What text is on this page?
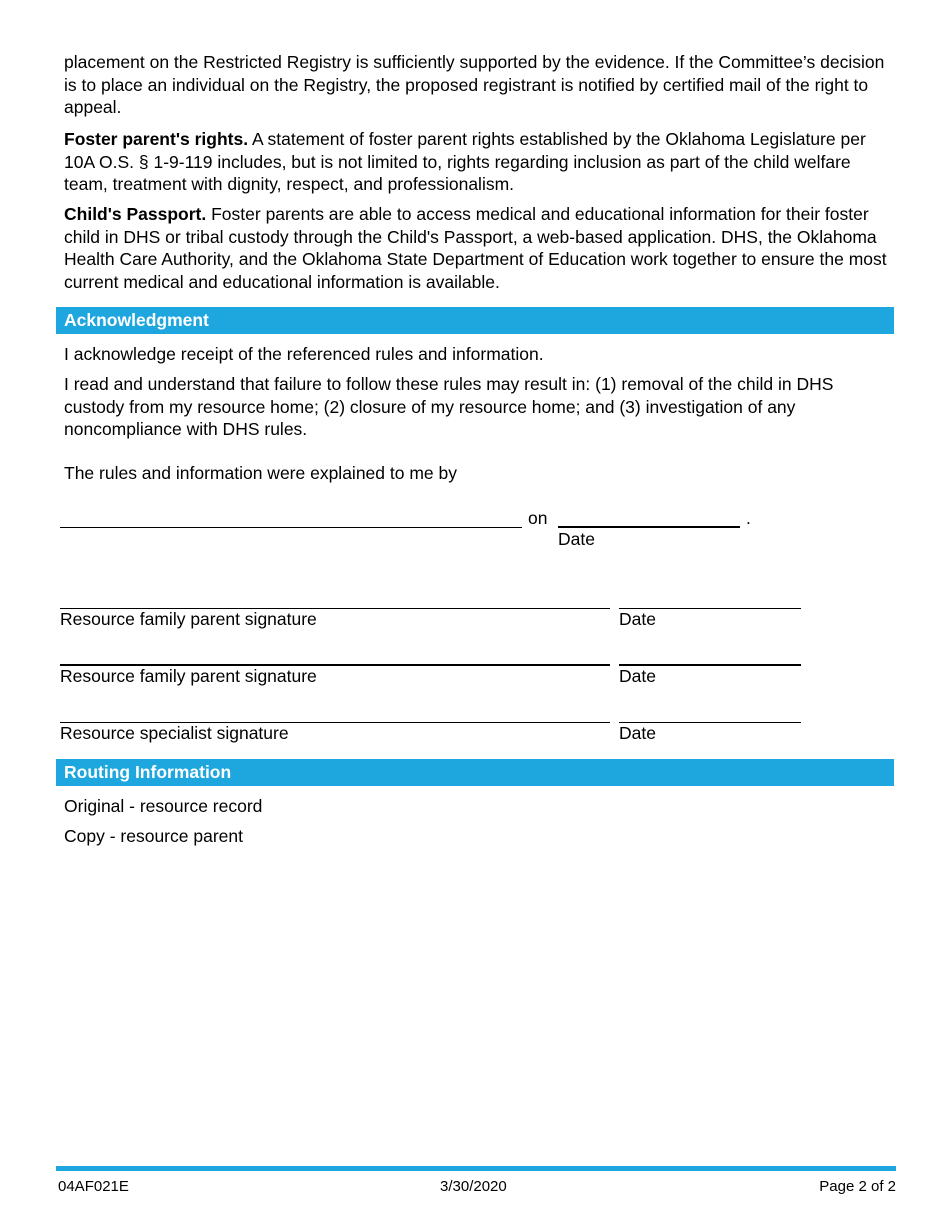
placement on the Restricted Registry is sufficiently supported by the evidence. If the Committee’s decision is to place an individual on the Registry, the proposed registrant is notified by certified mail of the right to appeal.

Foster parent's rights. A statement of foster parent rights established by the Oklahoma Legislature per 10A O.S. § 1-9-119 includes, but is not limited to, rights regarding inclusion as part of the child welfare team, treatment with dignity, respect, and professionalism.

Child's Passport. Foster parents are able to access medical and educational information for their foster child in DHS or tribal custody through the Child's Passport, a web-based application. DHS, the Oklahoma Health Care Authority, and the Oklahoma State Department of Education work together to ensure the most current medical and educational information is available.

Acknowledgment

I acknowledge receipt of the referenced rules and information.

I read and understand that failure to follow these rules may result in: (1) removal of the child in DHS custody from my resource home; (2) closure of my resource home; and (3) investigation of any noncompliance with DHS rules.

The rules and information were explained to me by

on	.
Date
Resource family parent signature	Date
Resource family parent signature	Date
Resource specialist signature	Date
Routing Information

Original - resource record

Copy - resource parent

04AF021E	3/30/2020	Page 2 of 2
